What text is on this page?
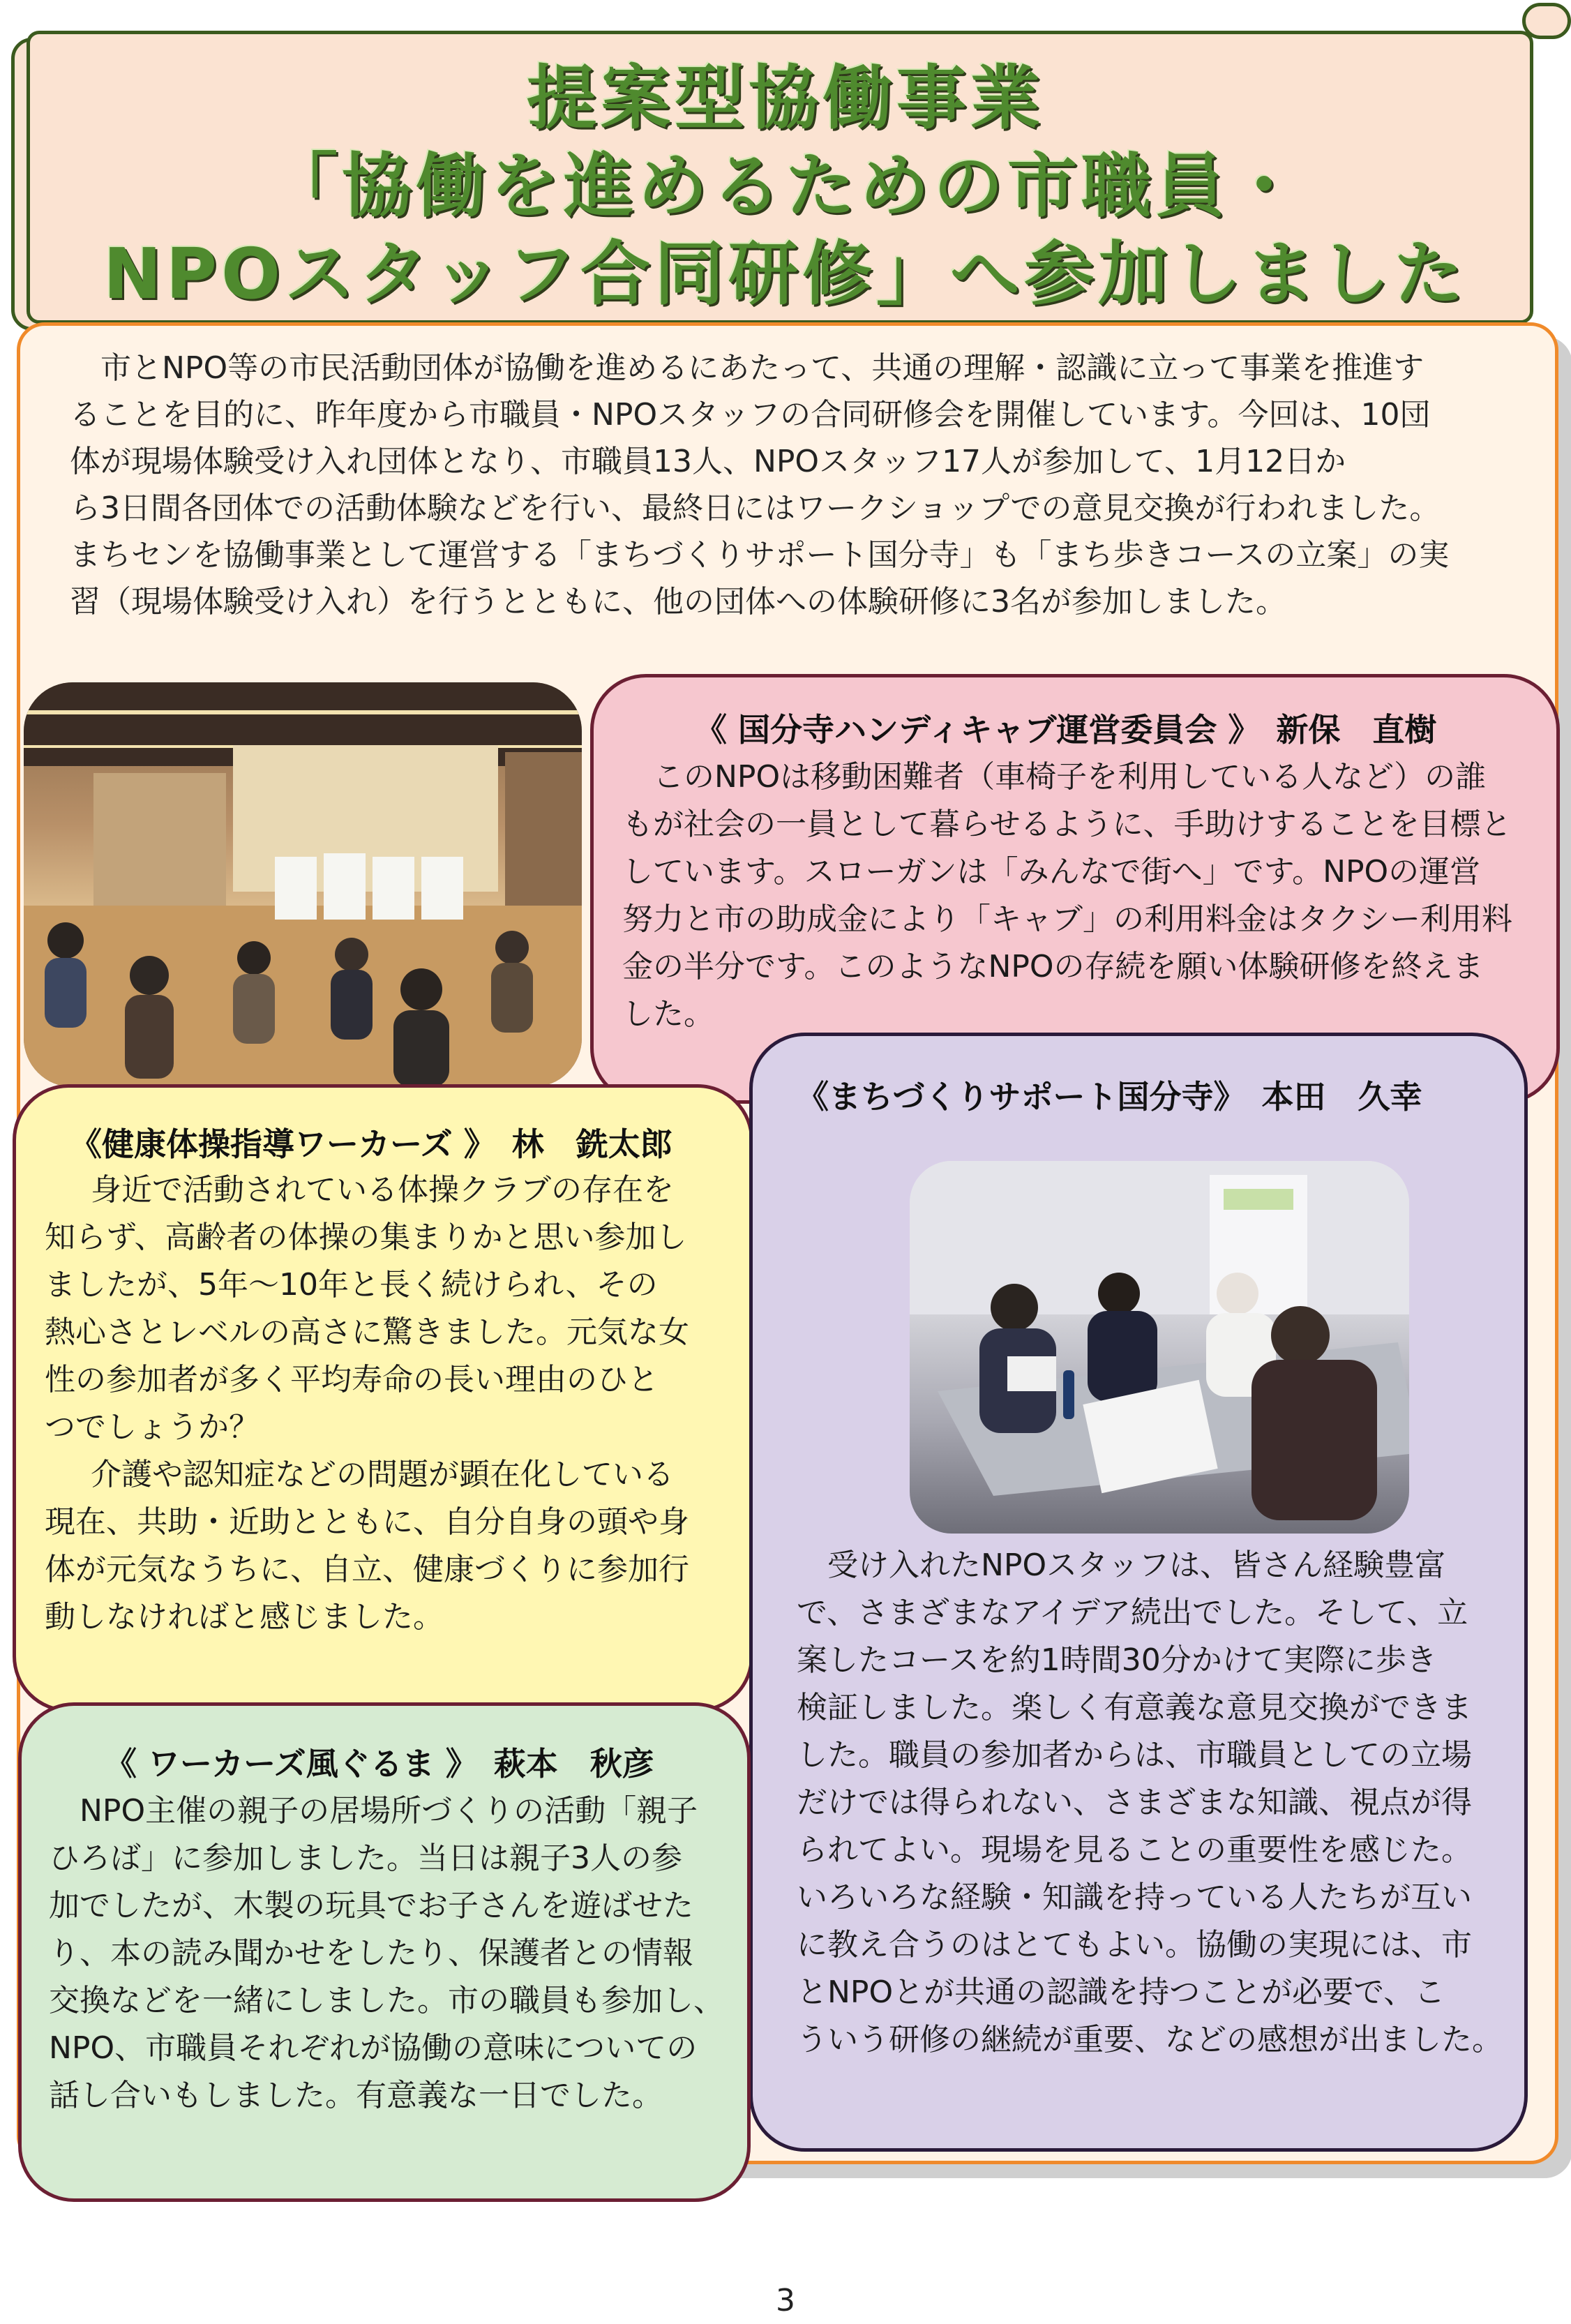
提案型協働事業
「協働を進めるための市職員・
NPOスタッフ合同研修」へ参加しました
市とNPO等の市民活動団体が協働を進めるにあたって、共通の理解・認識に立って事業を推進す
ることを目的に、昨年度から市職員・NPOスタッフの合同研修会を開催しています。今回は、10団
体が現場体験受け入れ団体となり、市職員13人、NPOスタッフ17人が参加して、1月12日か
ら3日間各団体での活動体験などを行い、最終日にはワークショップでの意見交換が行われました。
まちセンを協働事業として運営する「まちづくりサポート国分寺」も「まち歩きコースの立案」の実
習（現場体験受け入れ）を行うとともに、他の団体への体験研修に3名が参加しました。
《 国分寺ハンディキャブ運営委員会 》　新保　直樹
このNPOは移動困難者（車椅子を利用している人など）の誰
もが社会の一員として暮らせるように、手助けすることを目標と
しています。スローガンは「みんなで街へ」です。NPOの運営
努力と市の助成金により「キャブ」の利用料金はタクシー利用料
金の半分です。このようなNPOの存続を願い体験研修を終えま
した。
《健康体操指導ワーカーズ 》　林　銑太郎
身近で活動されている体操クラブの存在を
知らず、高齢者の体操の集まりかと思い参加し
ましたが、5年〜10年と長く続けられ、その
熱心さとレベルの高さに驚きました。元気な女
性の参加者が多く平均寿命の長い理由のひと
つでしょうか？
介護や認知症などの問題が顕在化している
現在、共助・近助とともに、自分自身の頭や身
体が元気なうちに、自立、健康づくりに参加行
動しなければと感じました。
《まちづくりサポート国分寺》　本田　久幸
受け入れたNPOスタッフは、皆さん経験豊富
で、さまざまなアイデア続出でした。そして、立
案したコースを約1時間30分かけて実際に歩き
検証しました。楽しく有意義な意見交換ができま
した。職員の参加者からは、市職員としての立場
だけでは得られない、さまざまな知識、視点が得
られてよい。現場を見ることの重要性を感じた。
いろいろな経験・知識を持っている人たちが互い
に教え合うのはとてもよい。協働の実現には、市
とNPOとが共通の認識を持つことが必要で、こ
ういう研修の継続が重要、などの感想が出ました。
《 ワーカーズ風ぐるま 》　萩本　秋彦
NPO主催の親子の居場所づくりの活動「親子
ひろば」に参加しました。当日は親子3人の参
加でしたが、木製の玩具でお子さんを遊ばせた
り、本の読み聞かせをしたり、保護者との情報
交換などを一緒にしました。市の職員も参加し、
NPO、市職員それぞれが協働の意味についての
話し合いもしました。有意義な一日でした。
3
